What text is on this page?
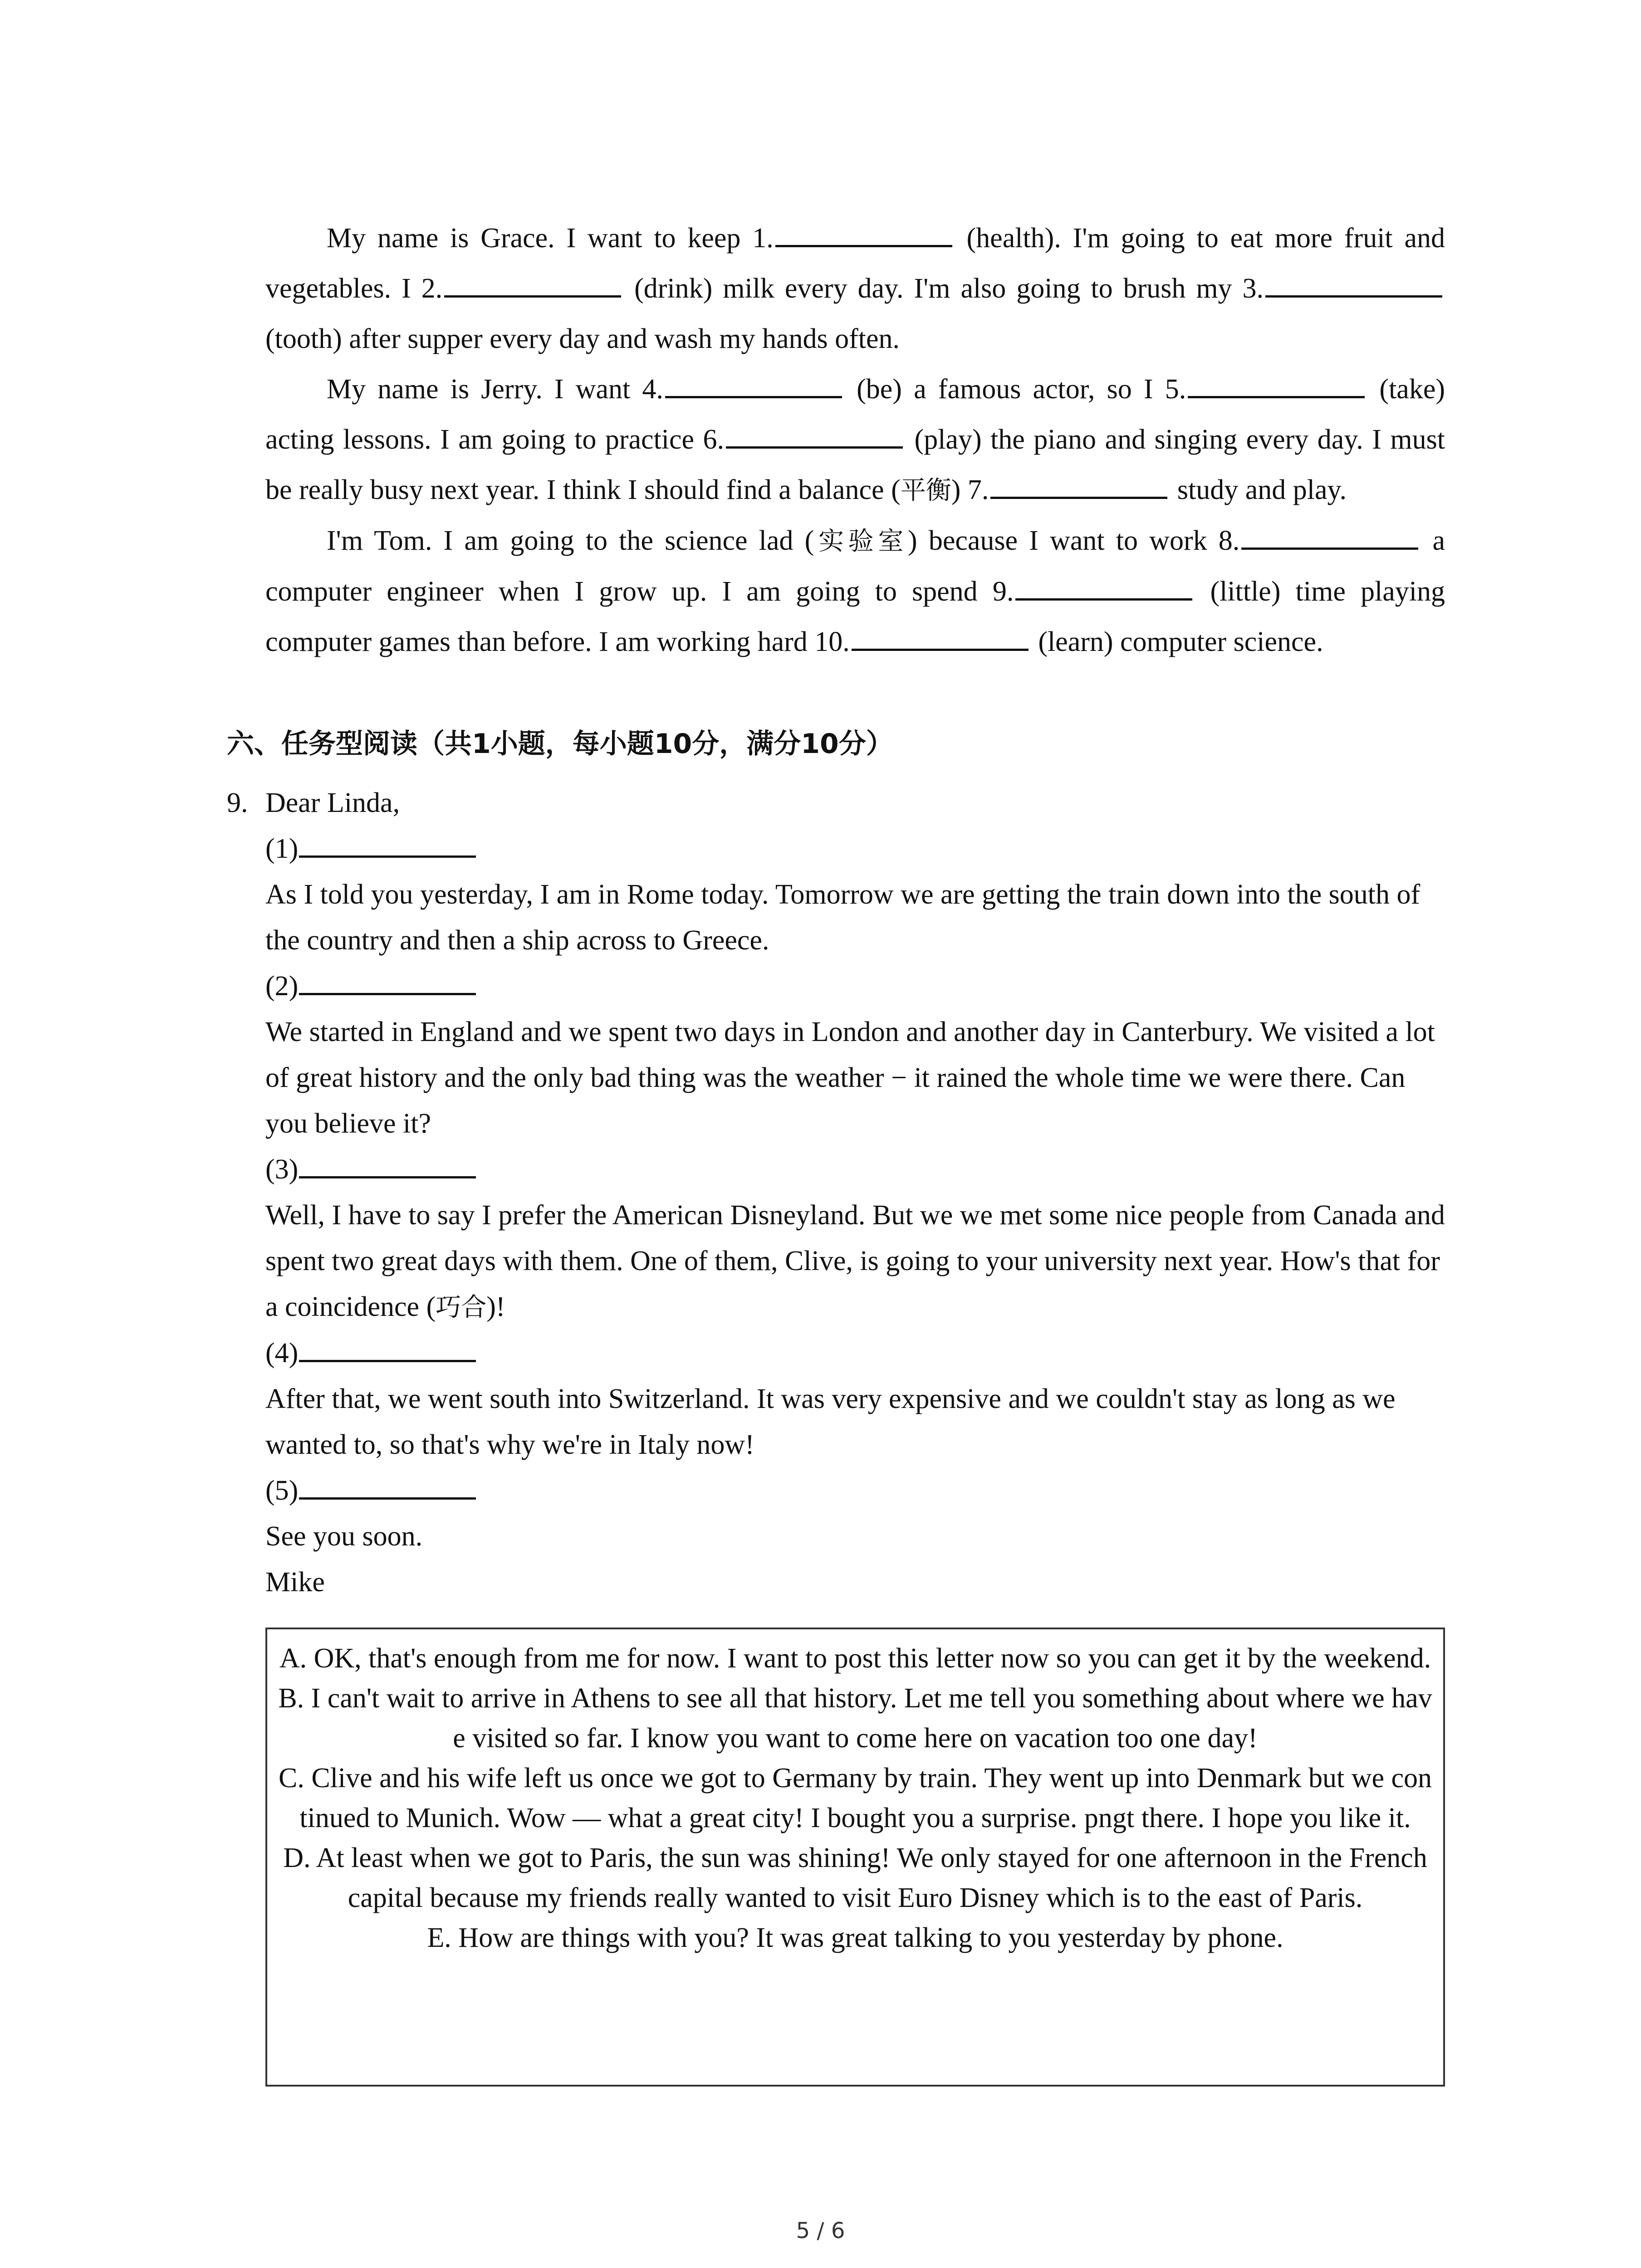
My name is Grace. I want to keep 1.	(health). I'm going to eat more fruit and vegetables. I 2.	(drink) milk every day. I'm also going to brush my 3. (tooth) after supper every day and wash my hands often.

My name is Jerry. I want 4.	(be) a famous actor, so I 5.	(take) acting lessons. I am going to practice 6.	(play) the piano and singing every day. I must be really busy next year. I think I should find a balance (平衡) 7.	study and play.

I'm Tom. I am going to the science lad (实验室) because I want to work 8.	a computer engineer when I grow up. I am going to spend 9.	(little) time playing computer games than before. I am working hard 10.	(learn) computer science.

六、任务型阅读（共1小题，每小题10分，满分10分）

9. Dear Linda,

(1)

As I told you yesterday, I am in Rome today. Tomorrow we are getting the train down into the south of the country and then a ship across to Greece.

(2)

We started in England and we spent two days in London and another day in Canterbury. We visited a lot of great history and the only bad thing was the weather − it rained the whole time we were there. Can you believe it?

(3)

Well, I have to say I prefer the American Disneyland. But we we met some nice people from Canada and spent two great days with them. One of them, Clive, is going to your university next year. How's that for a coincidence (巧合)!

(4)

After that, we went south into Switzerland. It was very expensive and we couldn't stay as long as we wanted to, so that's why we're in Italy now!

(5)

See you soon.

Mike

A. OK, that's enough from me for now. I want to post this letter now so you can get it by the weekend.

B. I can't wait to arrive in Athens to see all that history. Let me tell you something about where we have visited so far. I know you want to come here on vacation too one day!

C. Clive and his wife left us once we got to Germany by train. They went up into Denmark but we continued to Munich. Wow — what a great city! I bought you a surprise. pngt there. I hope you like it.

D. At least when we got to Paris, the sun was shining! We only stayed for one afternoon in the French capital because my friends really wanted to visit Euro Disney which is to the east of Paris.

E. How are things with you? It was great talking to you yesterday by phone.

5 / 6
